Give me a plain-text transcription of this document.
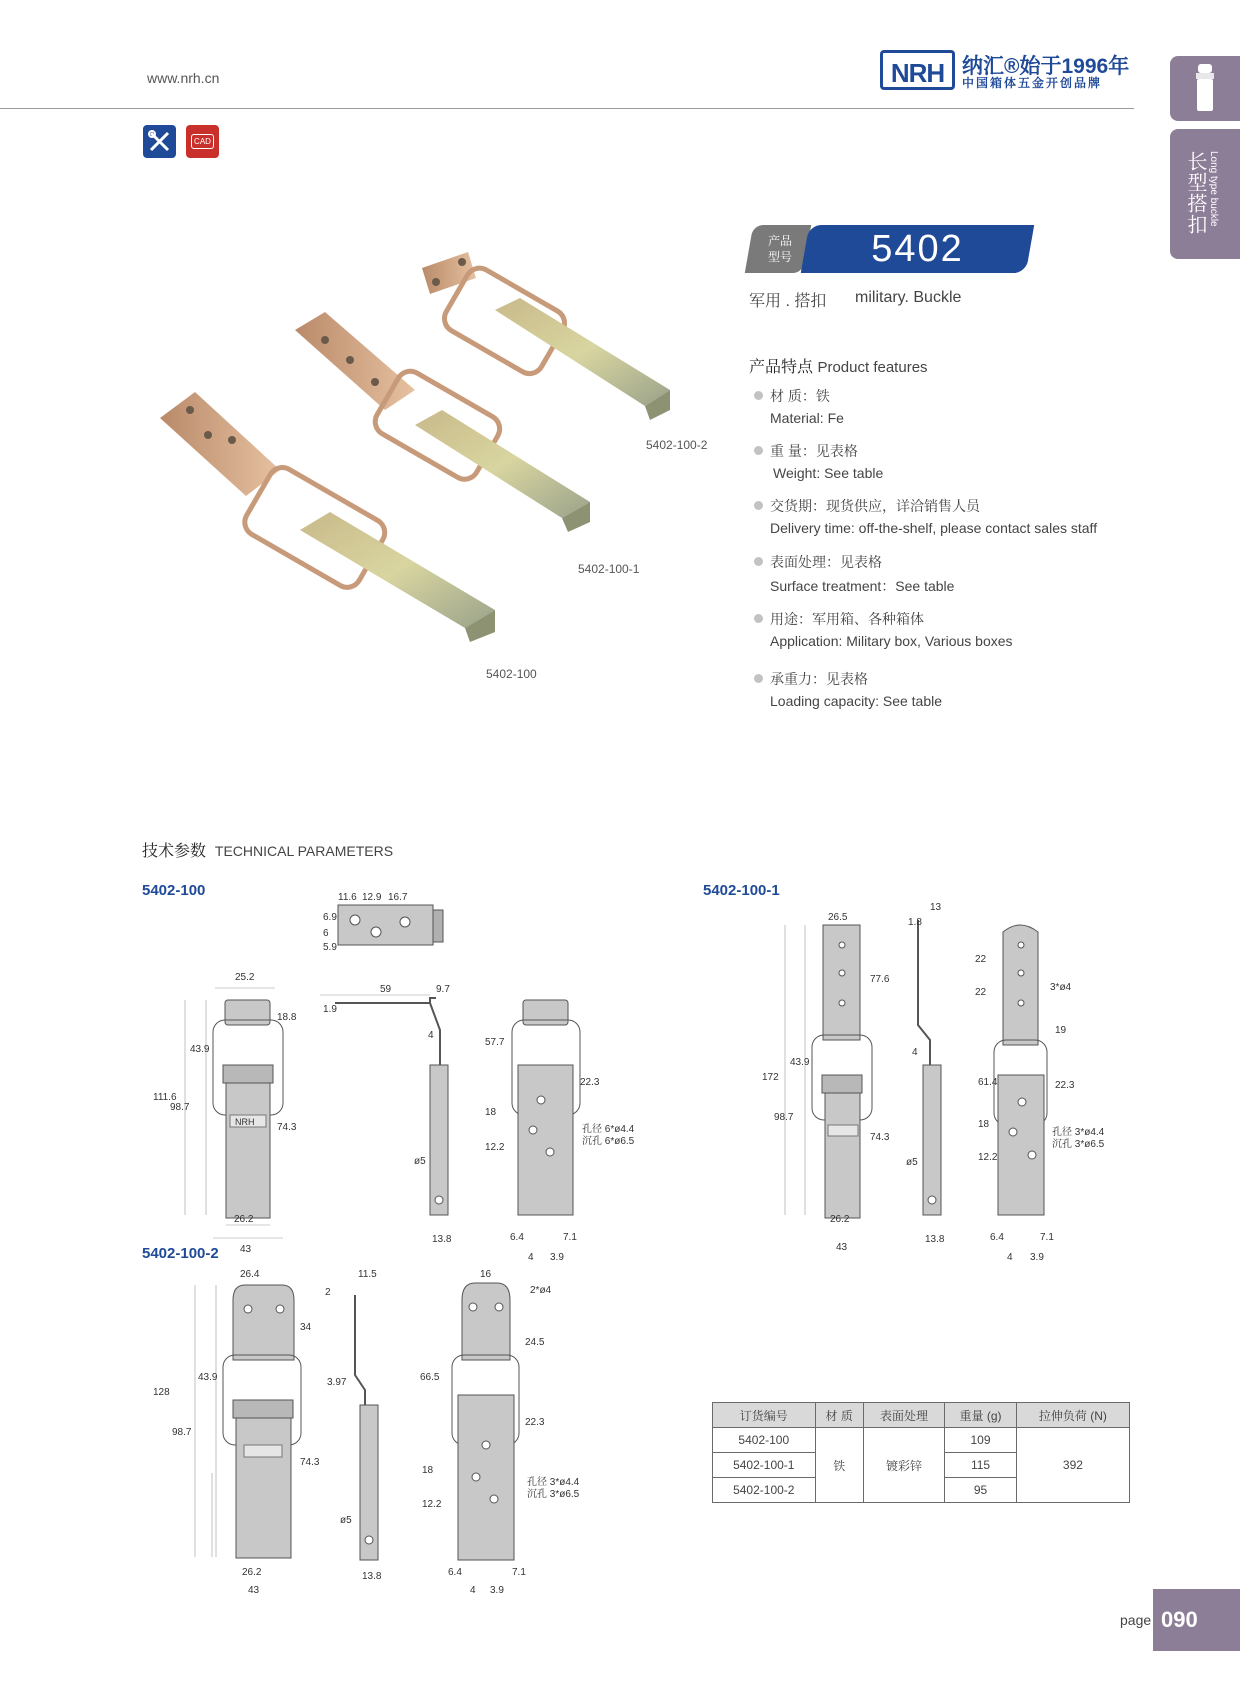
www.nrh.cn	NRH 纳汇®始于1996年
中国箱体五金开创品牌
长型搭扣 Long type buckle
CAD
5402-100-2
5402-100-1
5402-100
产品
型号	5402
军用 . 搭扣 military. Buckle
产品特点 Product features
材 质：铁
Material: Fe
重 量：见表格
Weight: See table
交货期：现货供应，详洽销售人员
Delivery time: off-the-shelf, please contact sales staff
表面处理：见表格
Surface treatment：See table
用途：军用箱、各种箱体
Application: Military box, Various boxes
承重力：见表格
Loading capacity: See table
技术参数 TECHNICAL PARAMETERS
5402-100	5402-100-1
5402-100-2
NRH
11.6 12.9 16.7
6.9
6
5.9
59	9.7
1.9
4
25.2
18.8
43.9
111.6
98.7
74.3
26.2
43
57.7
22.3
18
12.2
ø5
13.8	6.4	7.1
4 3.9
孔径 6*ø4.4
沉孔 6*ø6.5
13
1.8
26.5
77.6
172
43.9
98.7
74.3
26.2
43
4
ø5
13.8
22
22
19
61.4	22.3
18
12.2
6.4	7.1
4 3.9
孔径 3*ø4.4
沉孔 3*ø6.5
3*ø4
11.5
2
26.4
34
128
43.9
98.7
74.3
26.2
43
3.97
ø5
13.8
16
24.5
66.5
22.3
18
12.2
6.4	7.1
4 3.9
孔径 3*ø4.4
沉孔 3*ø6.5
2*ø4
订货编号	材 质	表面处理	重量 (g)	拉伸负荷 (N)
5402-100	铁	镀彩锌	109	392
5402-100-1			115	
5402-100-2			95	
page 090
